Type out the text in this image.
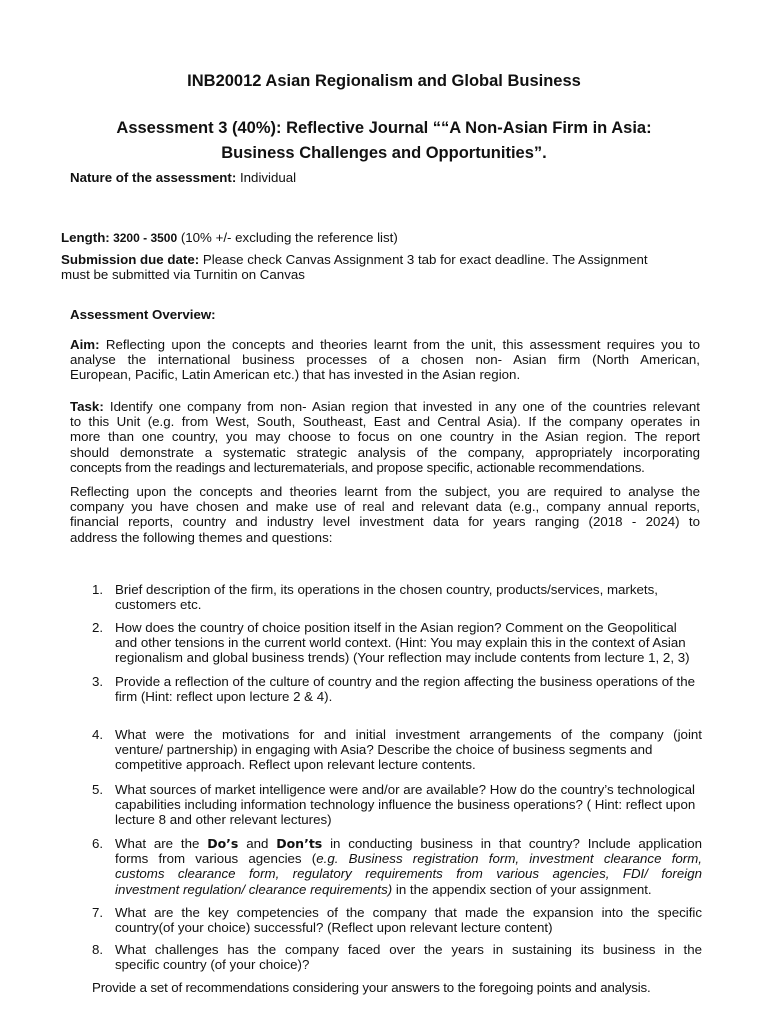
INB20012 Asian Regionalism and Global Business
Assessment 3 (40%): Reflective Journal ““A Non-Asian Firm in Asia:
Business Challenges and Opportunities”.
Nature of the assessment: Individual
Length: 3200 - 3500 (10% +/- excluding the reference list)
Submission due date: Please check Canvas Assignment 3 tab for exact deadline. The Assignment
must be submitted via Turnitin on Canvas
Assessment Overview:
Aim: Reflecting upon the concepts and theories learnt from the unit, this assessment requires you to
analyse the international business processes of a chosen non- Asian firm (North American,
European, Pacific, Latin American etc.) that has invested in the Asian region.
Task: Identify one company from non- Asian region that invested in any one of the countries relevant
to this Unit (e.g. from West, South, Southeast, East and Central Asia). If the company operates in
more than one country, you may choose to focus on one country in the Asian region. The report
should demonstrate a systematic strategic analysis of the company, appropriately incorporating
concepts from the readings and lecturematerials, and propose specific, actionable recommendations.
Reflecting upon the concepts and theories learnt from the subject, you are required to analyse the
company you have chosen and make use of real and relevant data (e.g., company annual reports,
financial reports, country and industry level investment data for years ranging (2018 - 2024) to
address the following themes and questions:
1. Brief description of the firm, its operations in the chosen country, products/services, markets,
customers etc.
2. How does the country of choice position itself in the Asian region? Comment on the Geopolitical
and other tensions in the current world context. (Hint: You may explain this in the context of Asian
regionalism and global business trends) (Your reflection may include contents from lecture 1, 2, 3)
3. Provide a reflection of the culture of country and the region affecting the business operations of the
firm (Hint: reflect upon lecture 2 & 4).
4. What were the motivations for and initial investment arrangements of the company (joint
venture/ partnership) in engaging with Asia? Describe the choice of business segments and
competitive approach. Reflect upon relevant lecture contents.
5. What sources of market intelligence were and/or are available? How do the country’s technological
capabilities including information technology influence the business operations? ( Hint: reflect upon
lecture 8 and other relevant lectures)
6. What are the Do’s and Don’ts in conducting business in that country? Include application
forms from various agencies (e.g. Business registration form, investment clearance form,
customs clearance form, regulatory requirements from various agencies, FDI/ foreign
investment regulation/ clearance requirements) in the appendix section of your assignment.
7. What are the key competencies of the company that made the expansion into the specific
country(of your choice) successful? (Reflect upon relevant lecture content)
8. What challenges has the company faced over the years in sustaining its business in the
specific country (of your choice)?
Provide a set of recommendations considering your answers to the foregoing points and analysis.
